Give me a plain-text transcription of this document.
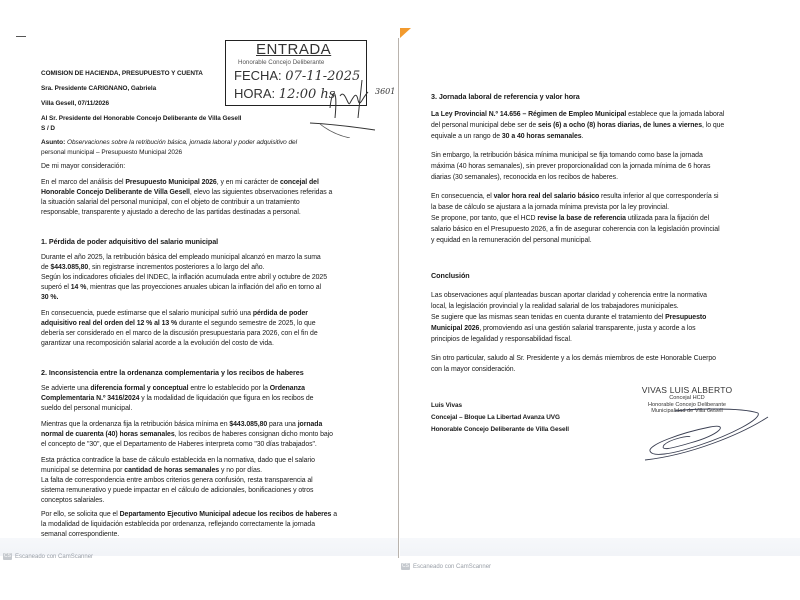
COMISION DE HACIENDA, PRESUPUESTO Y CUENTA
Sra. Presidente CARIGNANO, Gabriela
Villa Gesell, 07/11/2026
Al Sr. Presidente del Honorable Concejo Deliberante de Villa Gesell
S / D
Asunto: Observaciones sobre la retribución básica, jornada laboral y poder adquisitivo del
personal municipal – Presupuesto Municipal 2026
De mi mayor consideración:
En el marco del análisis del Presupuesto Municipal 2026, y en mi carácter de concejal del
Honorable Concejo Deliberante de Villa Gesell, elevo las siguientes observaciones referidas a
la situación salarial del personal municipal, con el objeto de contribuir a un tratamiento
responsable, transparente y ajustado a derecho de las partidas destinadas a personal.
1. Pérdida de poder adquisitivo del salario municipal
Durante el año 2025, la retribución básica del empleado municipal alcanzó en marzo la suma
de $443.085,80, sin registrarse incrementos posteriores a lo largo del año.
Según los indicadores oficiales del INDEC, la inflación acumulada entre abril y octubre de 2025
superó el 14 %, mientras que las proyecciones anuales ubican la inflación del año en torno al
30 %.
En consecuencia, puede estimarse que el salario municipal sufrió una pérdida de poder
adquisitivo real del orden del 12 % al 13 % durante el segundo semestre de 2025, lo que
debería ser considerado en el marco de la discusión presupuestaria para 2026, con el fin de
garantizar una recomposición salarial acorde a la evolución del costo de vida.
2. Inconsistencia entre la ordenanza complementaria y los recibos de haberes
Se advierte una diferencia formal y conceptual entre lo establecido por la Ordenanza
Complementaria N.º 3416/2024 y la modalidad de liquidación que figura en los recibos de
sueldo del personal municipal.
Mientras que la ordenanza fija la retribución básica mínima en $443.085,80 para una jornada
normal de cuarenta (40) horas semanales, los recibos de haberes consignan dicho monto bajo
el concepto de "30", que el Departamento de Haberes interpreta como "30 días trabajados".
Esta práctica contradice la base de cálculo establecida en la normativa, dado que el salario
municipal se determina por cantidad de horas semanales y no por días.
La falta de correspondencia entre ambos criterios genera confusión, resta transparencia al
sistema remunerativo y puede impactar en el cálculo de adicionales, bonificaciones y otros
conceptos salariales.
Por ello, se solicita que el Departamento Ejecutivo Municipal adecue los recibos de haberes a
la modalidad de liquidación establecida por ordenanza, reflejando correctamente la jornada
semanal correspondiente.
CS Escaneado con CamScanner
ENTRADA
Honorable Concejo Deliberante
FECHA: 07-11-2025
HORA: 12:00 hs	3601
3. Jornada laboral de referencia y valor hora
La Ley Provincial N.º 14.656 – Régimen de Empleo Municipal establece que la jornada laboral
del personal municipal debe ser de seis (6) a ocho (8) horas diarias, de lunes a viernes, lo que
equivale a un rango de 30 a 40 horas semanales.
Sin embargo, la retribución básica mínima municipal se fija tomando como base la jornada
máxima (40 horas semanales), sin prever proporcionalidad con la jornada mínima de 6 horas
diarias (30 semanales), reconocida en los recibos de haberes.
En consecuencia, el valor hora real del salario básico resulta inferior al que correspondería si
la base de cálculo se ajustara a la jornada mínima prevista por la ley provincial.
Se propone, por tanto, que el HCD revise la base de referencia utilizada para la fijación del
salario básico en el Presupuesto 2026, a fin de asegurar coherencia con la legislación provincial
y equidad en la remuneración del personal municipal.
Conclusión
Las observaciones aquí planteadas buscan aportar claridad y coherencia entre la normativa
local, la legislación provincial y la realidad salarial de los trabajadores municipales.
Se sugiere que las mismas sean tenidas en cuenta durante el tratamiento del Presupuesto
Municipal 2026, promoviendo así una gestión salarial transparente, justa y acorde a los
principios de legalidad y responsabilidad fiscal.
Sin otro particular, saludo al Sr. Presidente y a los demás miembros de este Honorable Cuerpo
con la mayor consideración.
Luis Vivas
Concejal – Bloque La Libertad Avanza UVG
Honorable Concejo Deliberante de Villa Gesell
VIVAS LUIS ALBERTO
Concejal HCD
Honorable Concejo Deliberante
Municipalidad de Villa Gesell
CS Escaneado con CamScanner
